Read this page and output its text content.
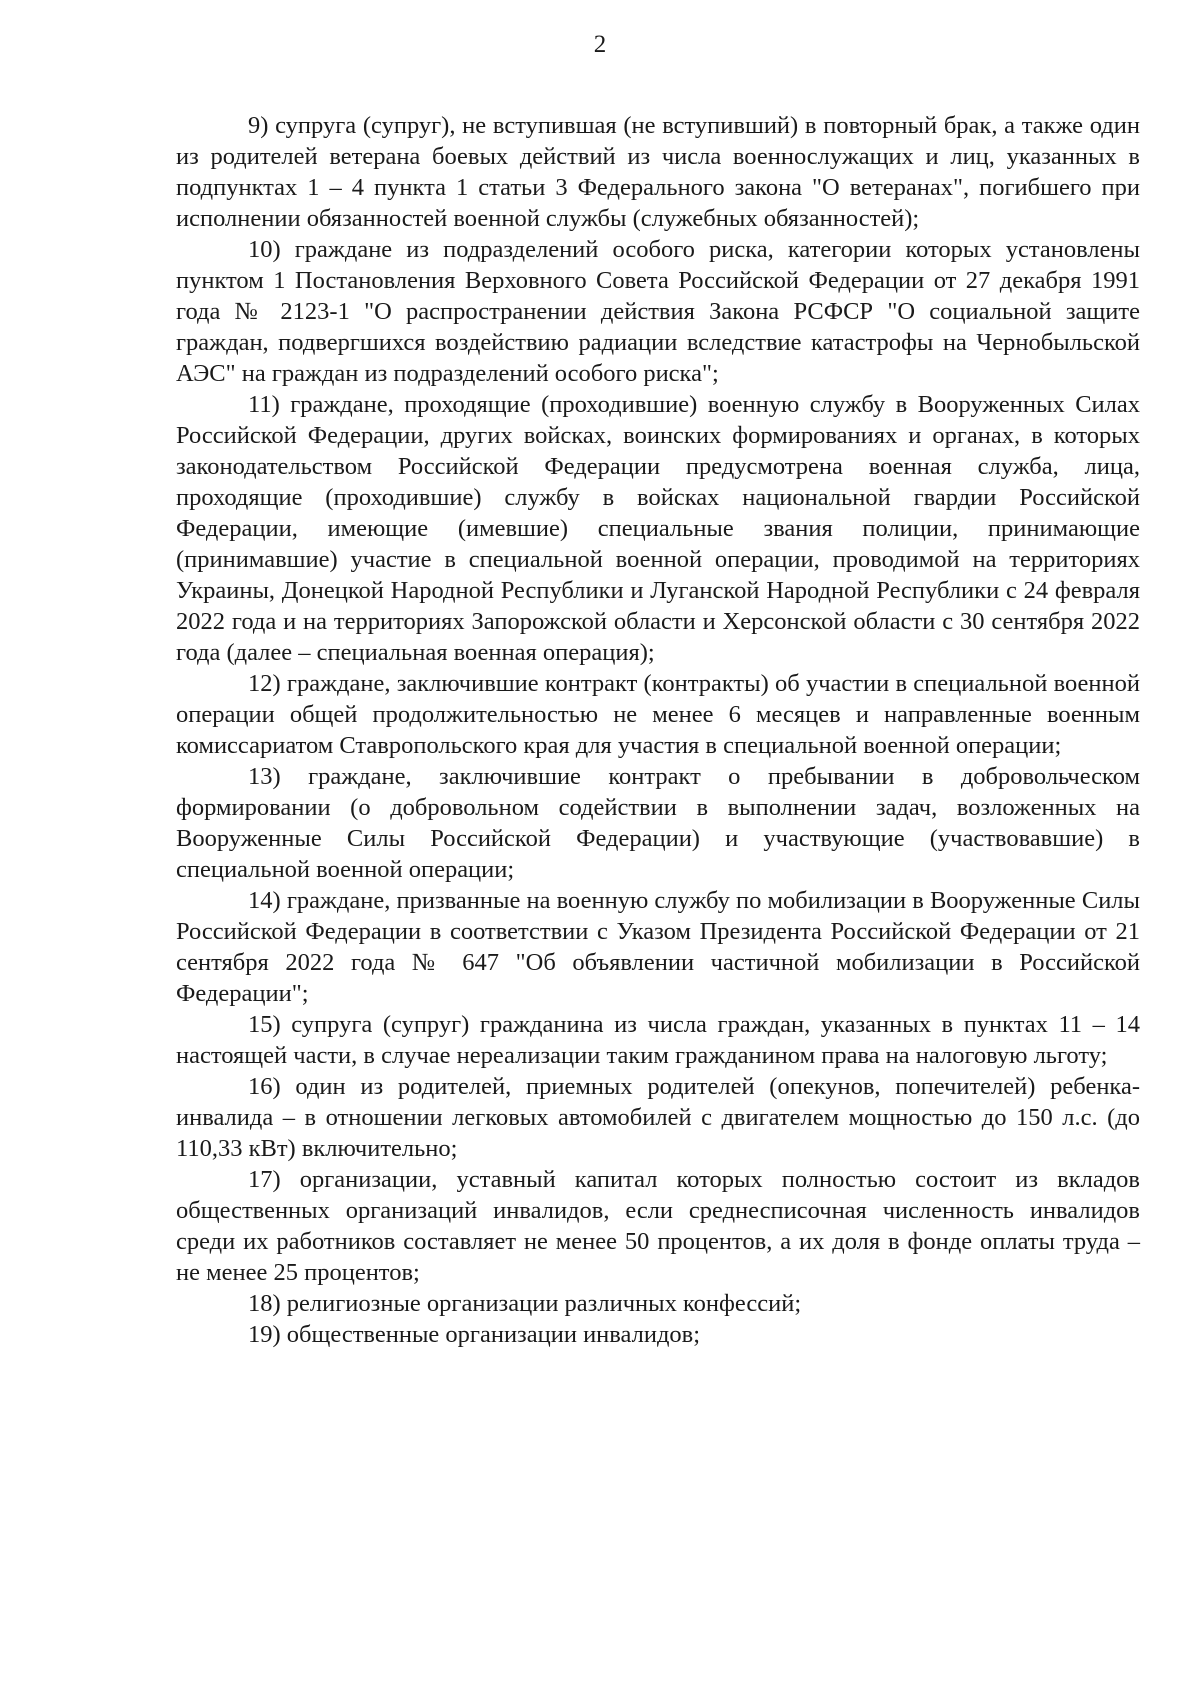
2

9) супруга (супруг), не вступившая (не вступивший) в повторный брак, а также один из родителей ветерана боевых действий из числа военнослужащих и лиц, указанных в подпунктах 1 – 4 пункта 1 статьи 3 Федерального закона "О ветеранах", погибшего при исполнении обязанностей военной службы (служебных обязанностей);

10) граждане из подразделений особого риска, категории которых установлены пунктом 1 Постановления Верховного Совета Российской Федерации от 27 декабря 1991 года № 2123-1 "О распространении действия Закона РСФСР "О социальной защите граждан, подвергшихся воздействию радиации вследствие катастрофы на Чернобыльской АЭС" на граждан из подразделений особого риска";

11) граждане, проходящие (проходившие) военную службу в Вооруженных Силах Российской Федерации, других войсках, воинских формированиях и органах, в которых законодательством Российской Федерации предусмотрена военная служба, лица, проходящие (проходившие) службу в войсках национальной гвардии Российской Федерации, имеющие (имевшие) специальные звания полиции, принимающие (принимавшие) участие в специальной военной операции, проводимой на территориях Украины, Донецкой Народной Республики и Луганской Народной Республики с 24 февраля 2022 года и на территориях Запорожской области и Херсонской области с 30 сентября 2022 года (далее – специальная военная операция);

12) граждане, заключившие контракт (контракты) об участии в специальной военной операции общей продолжительностью не менее 6 месяцев и направленные военным комиссариатом Ставропольского края для участия в специальной военной операции;

13) граждане, заключившие контракт о пребывании в добровольческом формировании (о добровольном содействии в выполнении задач, возложенных на Вооруженные Силы Российской Федерации) и участвующие (участвовавшие) в специальной военной операции;

14) граждане, призванные на военную службу по мобилизации в Вооруженные Силы Российской Федерации в соответствии с Указом Президента Российской Федерации от 21 сентября 2022 года № 647 "Об объявлении частичной мобилизации в Российской Федерации";

15) супруга (супруг) гражданина из числа граждан, указанных в пунктах 11 – 14 настоящей части, в случае нереализации таким гражданином права на налоговую льготу;

16) один из родителей, приемных родителей (опекунов, попечителей) ребенка-инвалида – в отношении легковых автомобилей с двигателем мощностью до 150 л.с. (до 110,33 кВт) включительно;

17) организации, уставный капитал которых полностью состоит из вкладов общественных организаций инвалидов, если среднесписочная численность инвалидов среди их работников составляет не менее 50 процентов, а их доля в фонде оплаты труда – не менее 25 процентов;

18) религиозные организации различных конфессий;

19) общественные организации инвалидов;
